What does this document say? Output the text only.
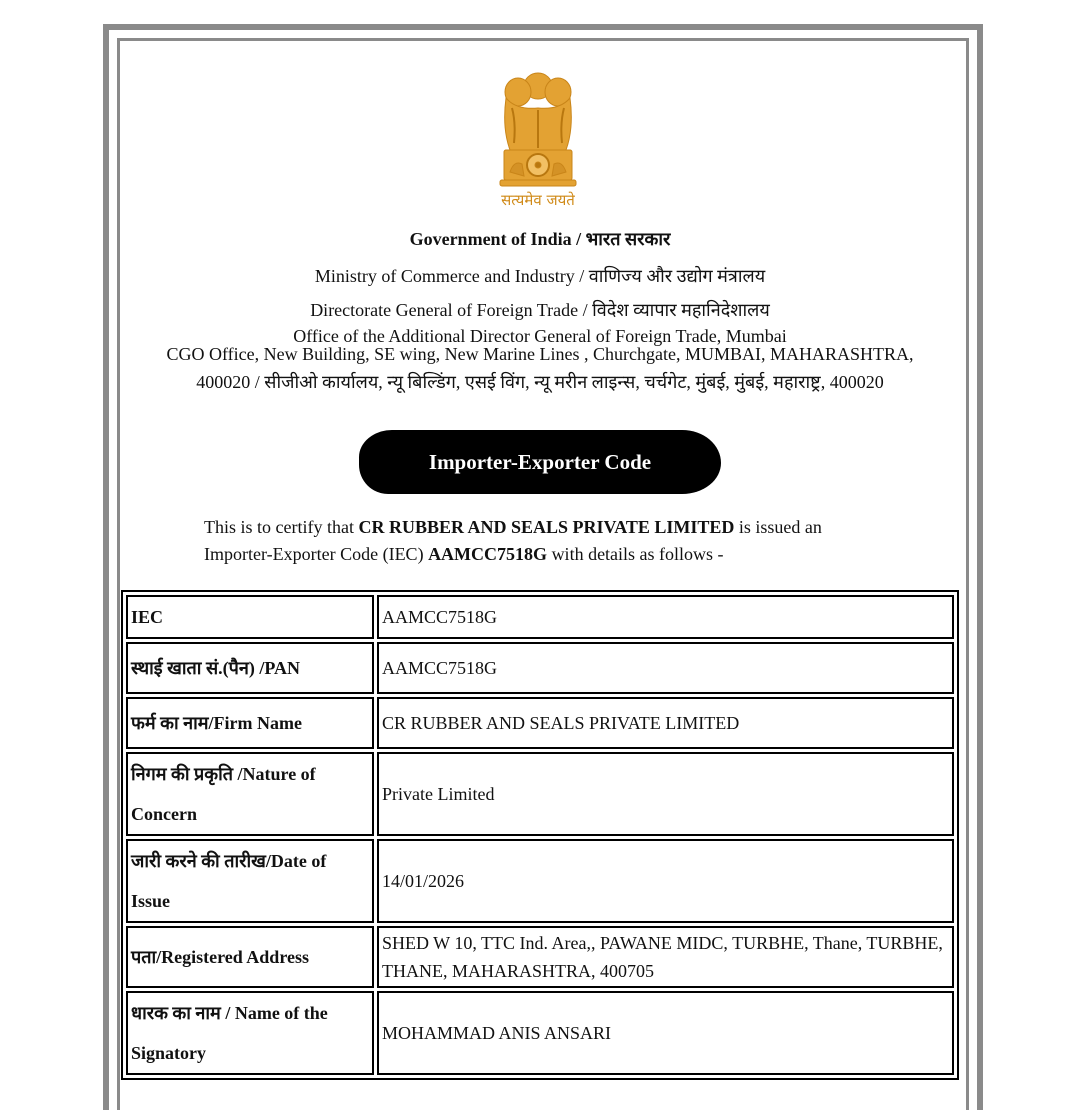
सत्यमेव जयते
Government of India / भारत सरकार
Ministry of Commerce and Industry / वाणिज्य और उद्योग मंत्रालय
Directorate General of Foreign Trade / विदेश व्यापार महानिदेशालय
Office of the Additional Director General of Foreign Trade, Mumbai
CGO Office, New Building, SE wing, New Marine Lines , Churchgate, MUMBAI, MAHARASHTRA,
400020 / सीजीओ कार्यालय, न्यू बिल्डिंग, एसई विंग, न्यू मरीन लाइन्स, चर्चगेट, मुंबई, मुंबई, महाराष्ट्र, 400020
Importer-Exporter Code
This is to certify that CR RUBBER AND SEALS PRIVATE LIMITED is issued an
Importer-Exporter Code (IEC) AAMCC7518G with details as follows -
IEC	AAMCC7518G
स्थाई खाता सं.(पैन) /PAN	AAMCC7518G
फर्म का नाम/Firm Name	CR RUBBER AND SEALS PRIVATE LIMITED
निगम की प्रकृति /Nature of Concern	Private Limited
जारी करने की तारीख/Date of Issue	14/01/2026
पता/Registered Address	SHED W 10, TTC Ind. Area,, PAWANE MIDC, TURBHE, Thane, TURBHE, THANE, MAHARASHTRA, 400705
धारक का नाम / Name of the Signatory	MOHAMMAD ANIS ANSARI
